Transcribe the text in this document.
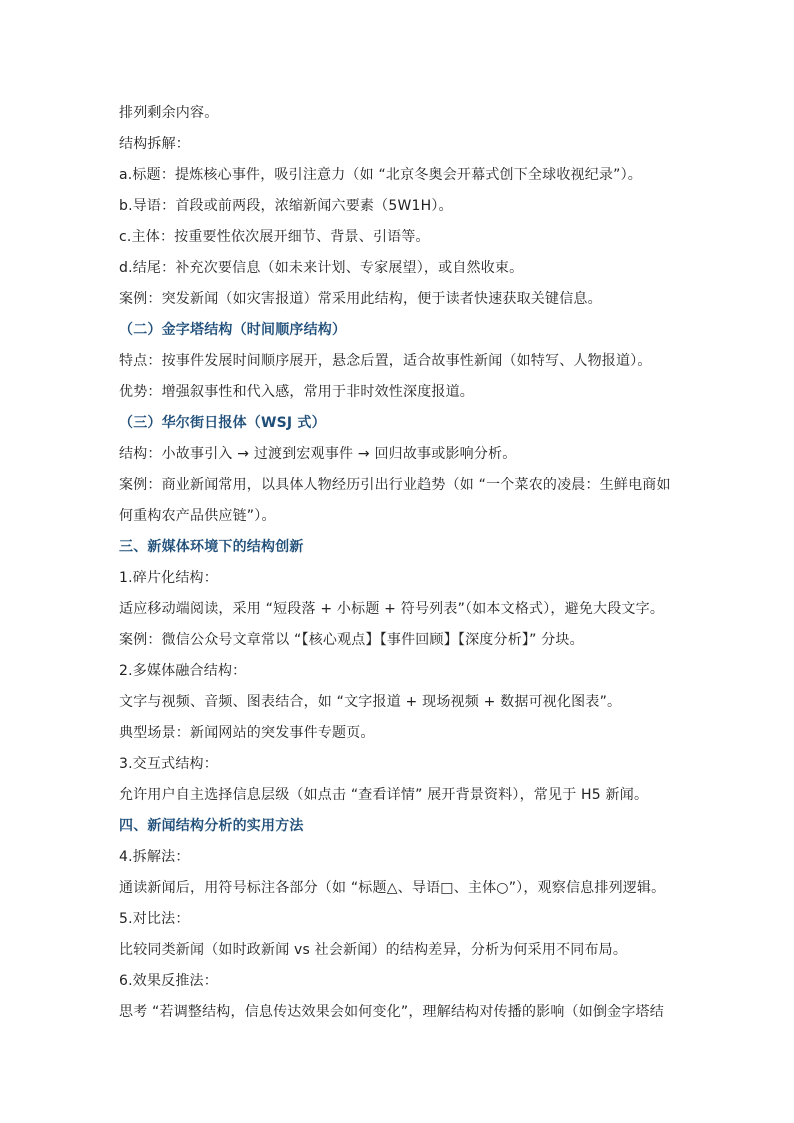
排列剩余内容。
结构拆解：
a.标题：提炼核心事件，吸引注意力（如 “北京冬奥会开幕式创下全球收视纪录”）。
b.导语：首段或前两段，浓缩新闻六要素（5W1H）。
c.主体：按重要性依次展开细节、背景、引语等。
d.结尾：补充次要信息（如未来计划、专家展望），或自然收束。
案例：突发新闻（如灾害报道）常采用此结构，便于读者快速获取关键信息。
（二）金字塔结构（时间顺序结构）
特点：按事件发展时间顺序展开，悬念后置，适合故事性新闻（如特写、人物报道）。
优势：增强叙事性和代入感，常用于非时效性深度报道。
（三）华尔街日报体（WSJ 式）
结构：小故事引入 → 过渡到宏观事件 → 回归故事或影响分析。
案例：商业新闻常用，以具体人物经历引出行业趋势（如 “一个菜农的凌晨：生鲜电商如
何重构农产品供应链”）。
三、新媒体环境下的结构创新
1.碎片化结构：
适应移动端阅读，采用 “短段落 + 小标题 + 符号列表”（如本文格式），避免大段文字。
案例：微信公众号文章常以 “【核心观点】【事件回顾】【深度分析】” 分块。
2.多媒体融合结构：
文字与视频、音频、图表结合，如 “文字报道 + 现场视频 + 数据可视化图表”。
典型场景：新闻网站的突发事件专题页。
3.交互式结构：
允许用户自主选择信息层级（如点击 “查看详情” 展开背景资料），常见于 H5 新闻。
四、新闻结构分析的实用方法
4.拆解法：
通读新闻后，用符号标注各部分（如 “标题△、导语□、主体○”），观察信息排列逻辑。
5.对比法：
比较同类新闻（如时政新闻 vs 社会新闻）的结构差异，分析为何采用不同布局。
6.效果反推法：
思考 “若调整结构，信息传达效果会如何变化”，理解结构对传播的影响（如倒金字塔结
